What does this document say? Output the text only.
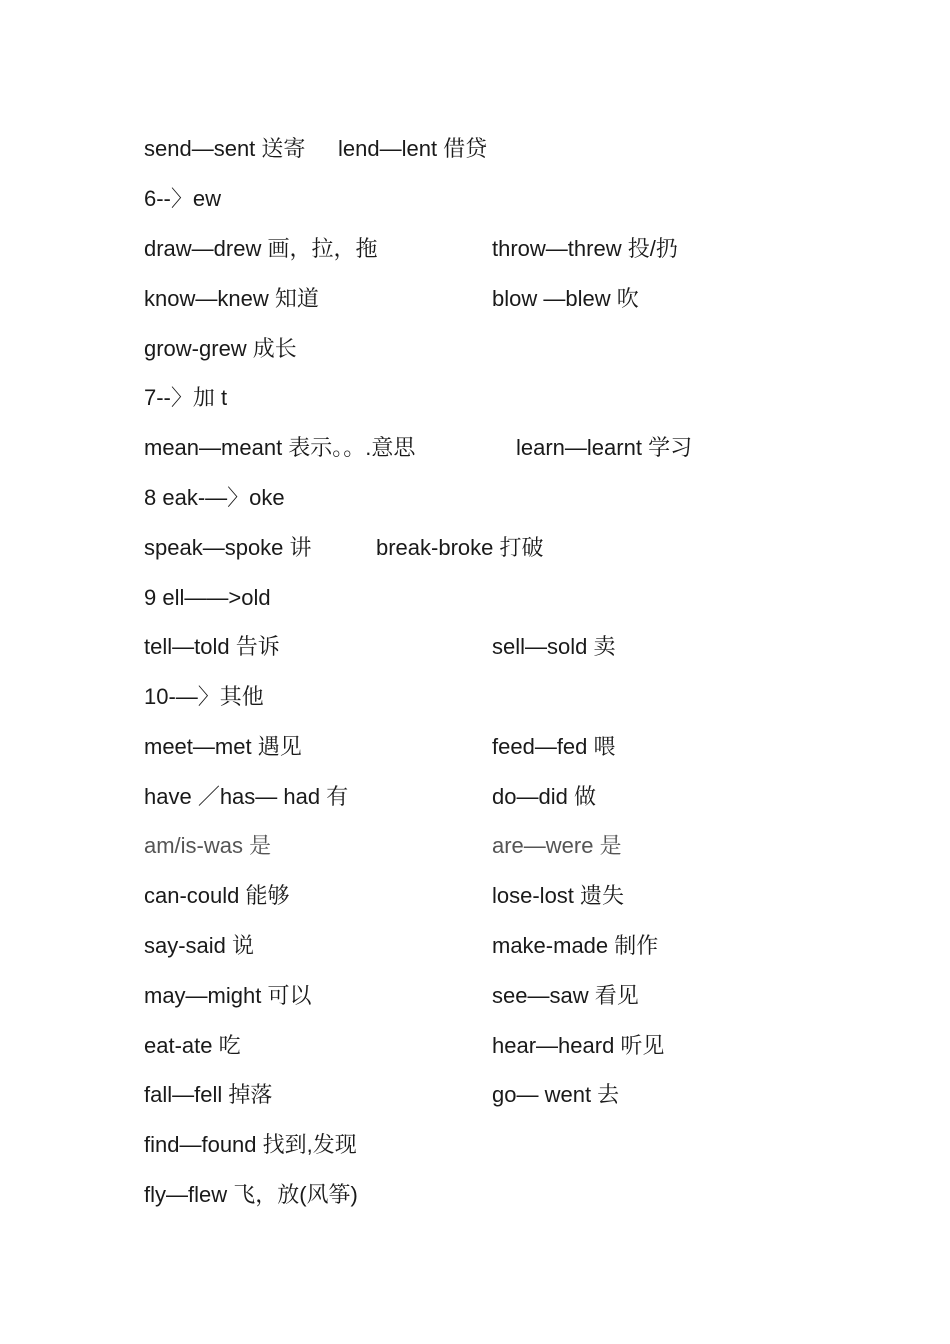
send—sent 送寄 lend—lent 借贷
6--〉ew
draw—drew 画，拉，拖	throw—threw 投/扔
know—knew 知道	blow —blew 吹
grow-grew 成长
7--〉加 t
mean—meant 表示。。.意思	learn—learnt 学习
8 eak-—〉oke
speak—spoke 讲	break-broke 打破
9 ell——>old
tell—told 告诉	sell—sold 卖
10-—〉其他
meet—met 遇见	feed—fed 喂
have ／has— had 有	do—did 做
am/is-was 是	are—were 是
can-could 能够	lose-lost 遗失
say-said 说	make-made 制作
may—might 可以	see—saw 看见
eat-ate 吃	hear—heard 听见
fall—fell 掉落	go— went 去
find—found 找到,发现
fly—flew 飞，放(风筝)
